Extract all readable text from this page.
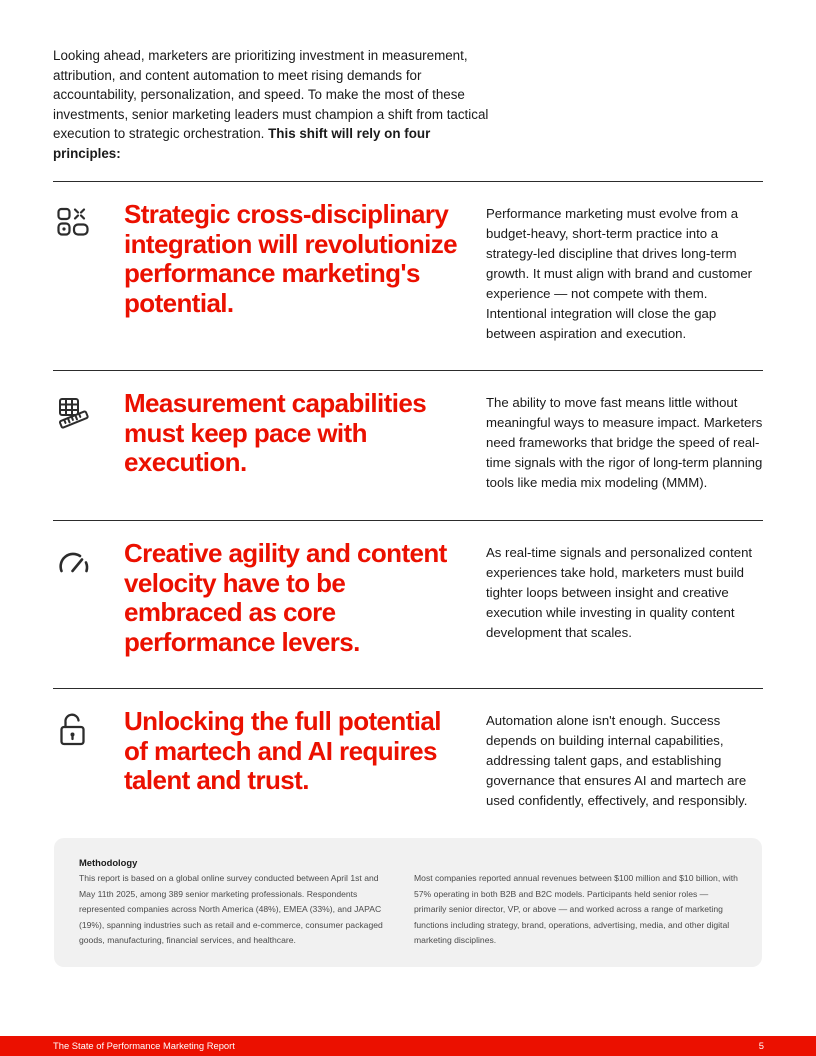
Looking ahead, marketers are prioritizing investment in measurement, attribution, and content automation to meet rising demands for accountability, personalization, and speed. To make the most of these investments, senior marketing leaders must champion a shift from tactical execution to strategic orchestration. This shift will rely on four principles:
Strategic cross-disciplinary integration will revolutionize performance marketing's potential.
Performance marketing must evolve from a budget-heavy, short-term practice into a strategy-led discipline that drives long-term growth. It must align with brand and customer experience — not compete with them. Intentional integration will close the gap between aspiration and execution.
Measurement capabilities must keep pace with execution.
The ability to move fast means little without meaningful ways to measure impact. Marketers need frameworks that bridge the speed of real-time signals with the rigor of long-term planning tools like media mix modeling (MMM).
Creative agility and content velocity have to be embraced as core performance levers.
As real-time signals and personalized content experiences take hold, marketers must build tighter loops between insight and creative execution while investing in quality content development that scales.
Unlocking the full potential of martech and AI requires talent and trust.
Automation alone isn't enough. Success depends on building internal capabilities, addressing talent gaps, and establishing governance that ensures AI and martech are used confidently, effectively, and responsibly.
Methodology
This report is based on a global online survey conducted between April 1st and May 11th 2025, among 389 senior marketing professionals. Respondents represented companies across North America (48%), EMEA (33%), and JAPAC (19%), spanning industries such as retail and e-commerce, consumer packaged goods, manufacturing, financial services, and healthcare.
Most companies reported annual revenues between $100 million and $10 billion, with 57% operating in both B2B and B2C models. Participants held senior roles — primarily senior director, VP, or above — and worked across a range of marketing functions including strategy, brand, operations, advertising, media, and other digital marketing disciplines.
The State of Performance Marketing Report	5
